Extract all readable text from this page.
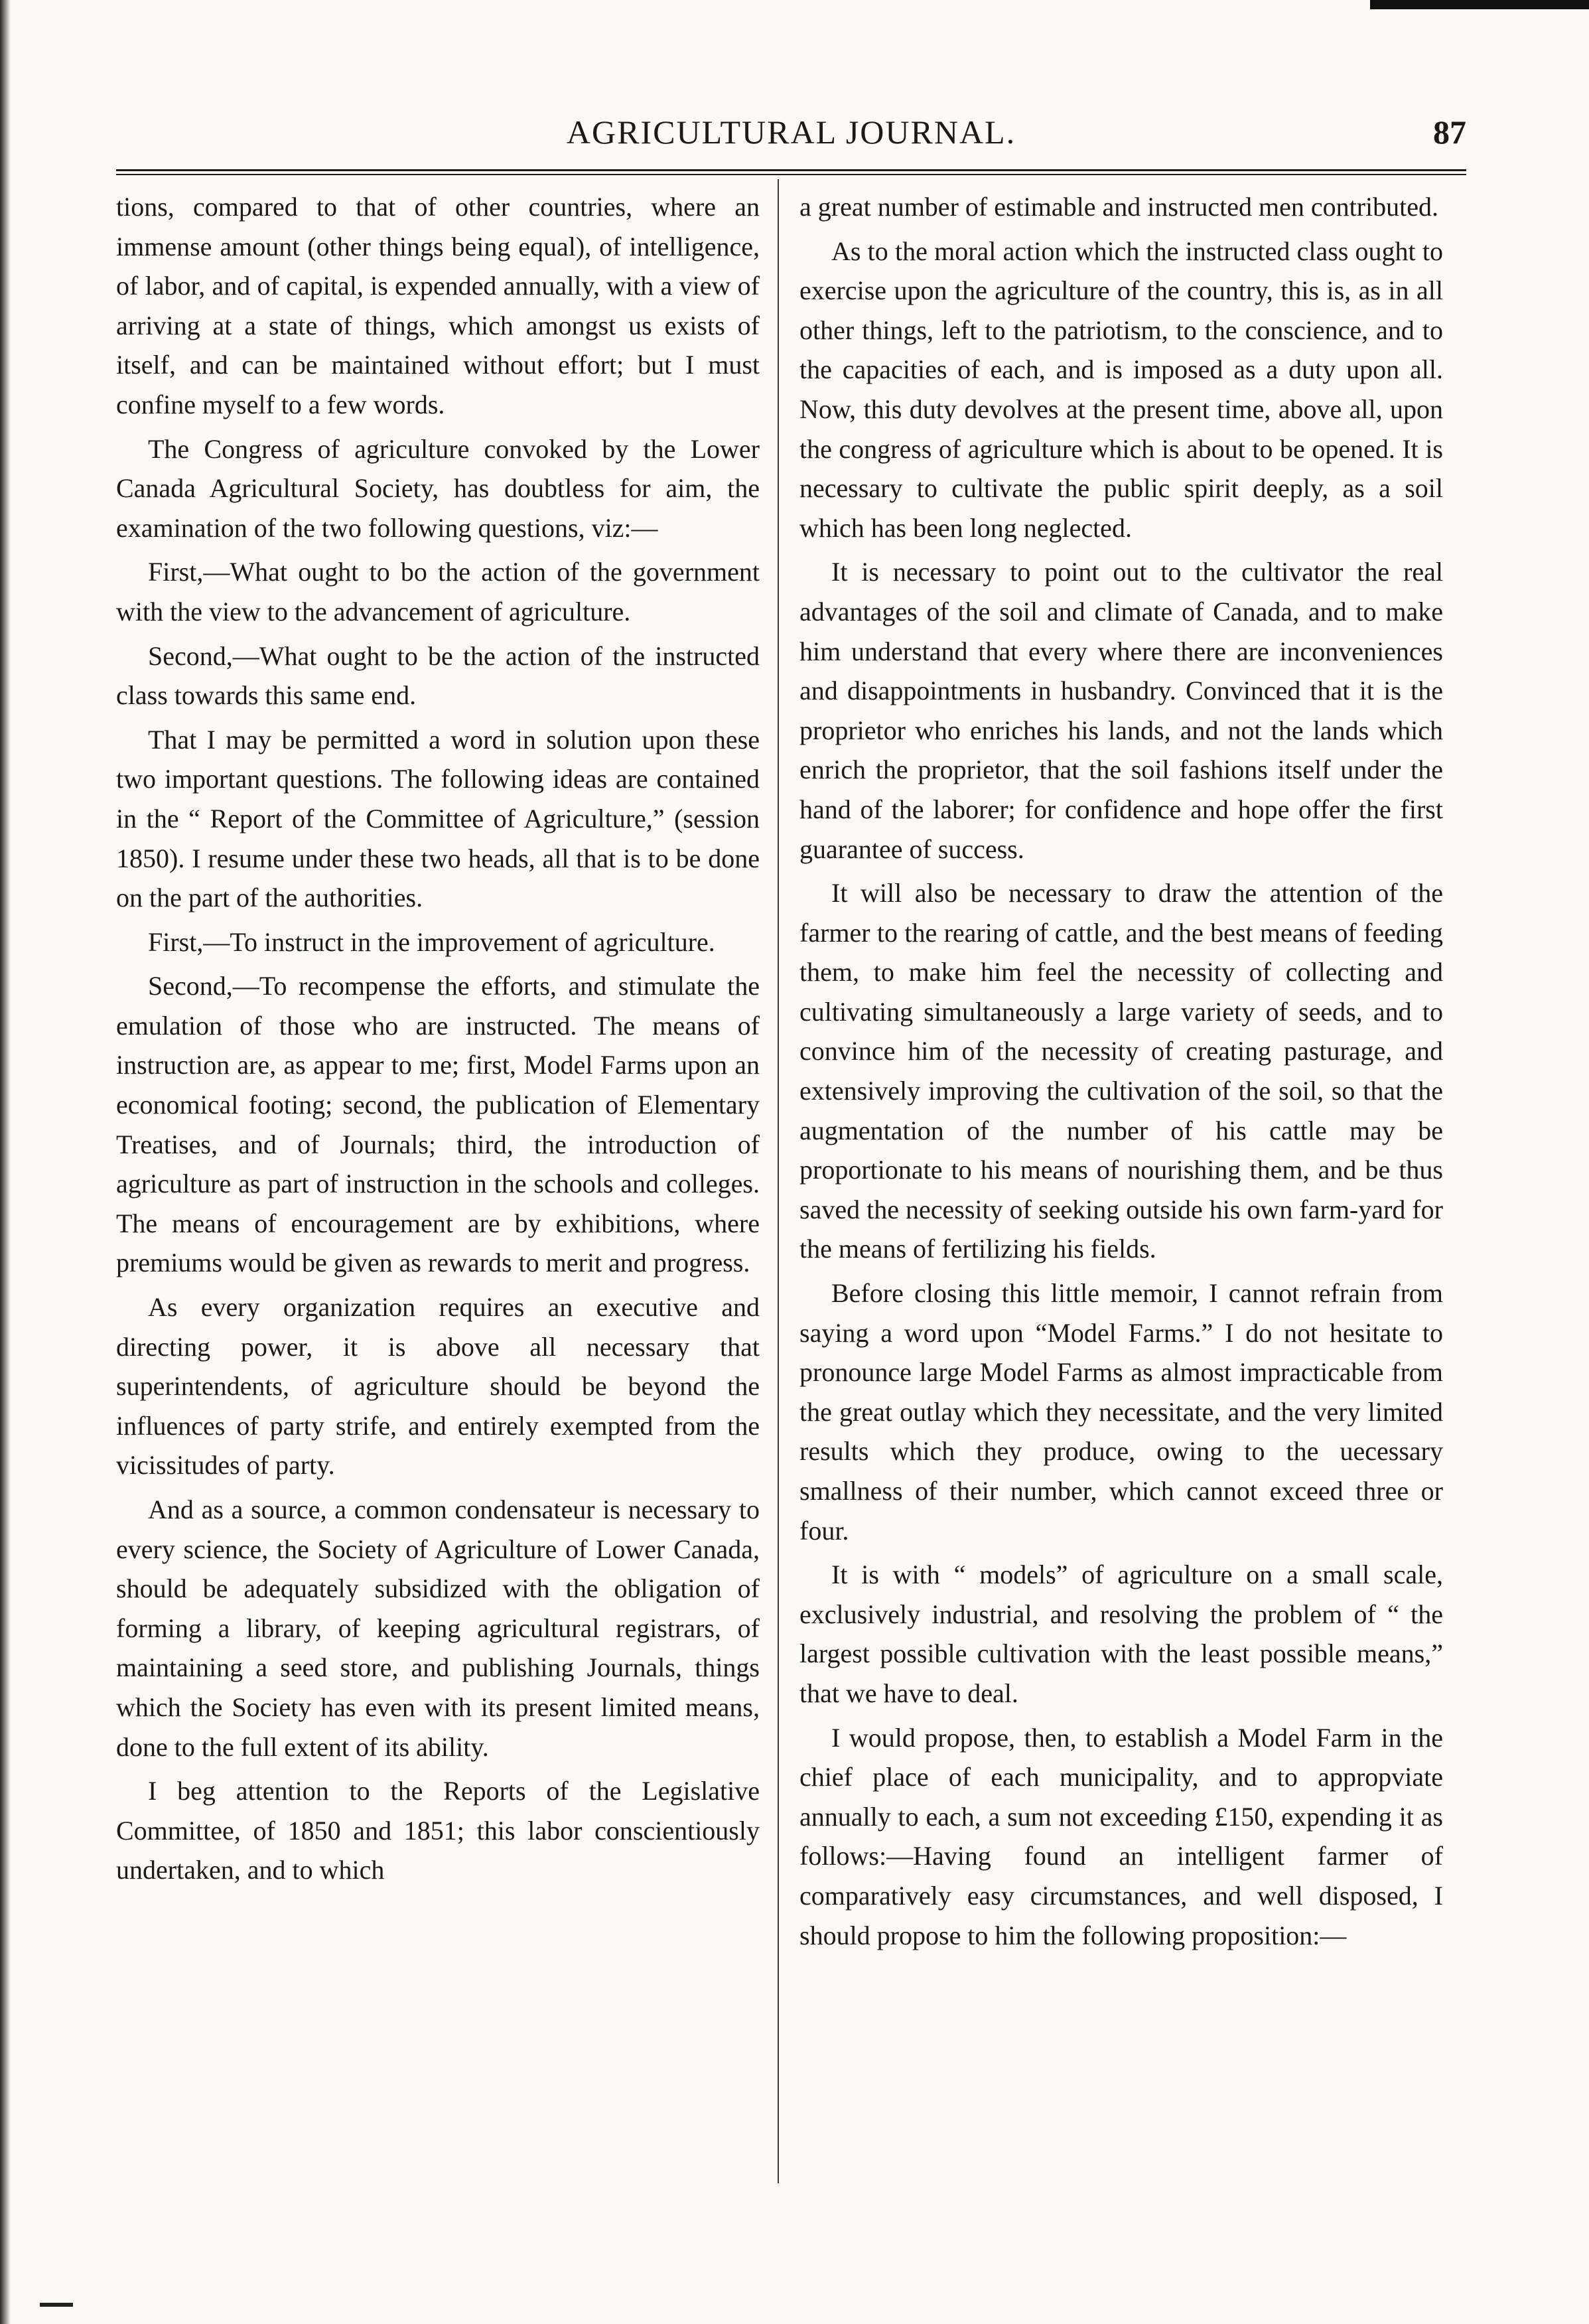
AGRICULTURAL JOURNAL.	87

tions, compared to that of other countries, where an immense amount (other things being equal), of intelligence, of labor, and of capital, is expended annually, with a view of arriving at a state of things, which amongst us exists of itself, and can be maintained without effort; but I must confine myself to a few words.

The Congress of agriculture convoked by the Lower Canada Agricultural Society, has doubtless for aim, the examination of the two following questions, viz:—

First,—What ought to bo the action of the government with the view to the advancement of agriculture.

Second,—What ought to be the action of the instructed class towards this same end.

That I may be permitted a word in solution upon these two important questions. The following ideas are contained in the “ Report of the Committee of Agriculture,” (session 1850). I resume under these two heads, all that is to be done on the part of the authorities.

First,—To instruct in the improvement of agriculture.

Second,—To recompense the efforts, and stimulate the emulation of those who are instructed. The means of instruction are, as appear to me; first, Model Farms upon an economical footing; second, the publication of Elementary Treatises, and of Journals; third, the introduction of agriculture as part of instruction in the schools and colleges. The means of encouragement are by exhibitions, where premiums would be given as rewards to merit and progress.

As every organization requires an executive and directing power, it is above all necessary that superintendents, of agriculture should be beyond the influences of party strife, and entirely exempted from the vicissitudes of party.

And as a source, a common condensateur is necessary to every science, the Society of Agriculture of Lower Canada, should be adequately subsidized with the obligation of forming a library, of keeping agricultural registrars, of maintaining a seed store, and publishing Journals, things which the Society has even with its present limited means, done to the full extent of its ability.

I beg attention to the Reports of the Legislative Committee, of 1850 and 1851; this labor conscientiously undertaken, and to which

a great number of estimable and instructed men contributed.

As to the moral action which the instructed class ought to exercise upon the agriculture of the country, this is, as in all other things, left to the patriotism, to the conscience, and to the capacities of each, and is imposed as a duty upon all. Now, this duty devolves at the present time, above all, upon the congress of agriculture which is about to be opened. It is necessary to cultivate the public spirit deeply, as a soil which has been long neglected.

It is necessary to point out to the cultivator the real advantages of the soil and climate of Canada, and to make him understand that every where there are inconveniences and disappointments in husbandry. Convinced that it is the proprietor who enriches his lands, and not the lands which enrich the proprietor, that the soil fashions itself under the hand of the laborer; for confidence and hope offer the first guarantee of success.

It will also be necessary to draw the attention of the farmer to the rearing of cattle, and the best means of feeding them, to make him feel the necessity of collecting and cultivating simultaneously a large variety of seeds, and to convince him of the necessity of creating pasturage, and extensively improving the cultivation of the soil, so that the augmentation of the number of his cattle may be proportionate to his means of nourishing them, and be thus saved the necessity of seeking outside his own farm-yard for the means of fertilizing his fields.

Before closing this little memoir, I cannot refrain from saying a word upon “Model Farms.” I do not hesitate to pronounce large Model Farms as almost impracticable from the great outlay which they necessitate, and the very limited results which they produce, owing to the uecessary smallness of their number, which cannot exceed three or four.

It is with “ models” of agriculture on a small scale, exclusively industrial, and resolving the problem of “ the largest possible cultivation with the least possible means,” that we have to deal.

I would propose, then, to establish a Model Farm in the chief place of each municipality, and to appropviate annually to each, a sum not exceeding £150, expending it as follows:—Having found an intelligent farmer of comparatively easy circumstances, and well disposed, I should propose to him the following proposition:—
